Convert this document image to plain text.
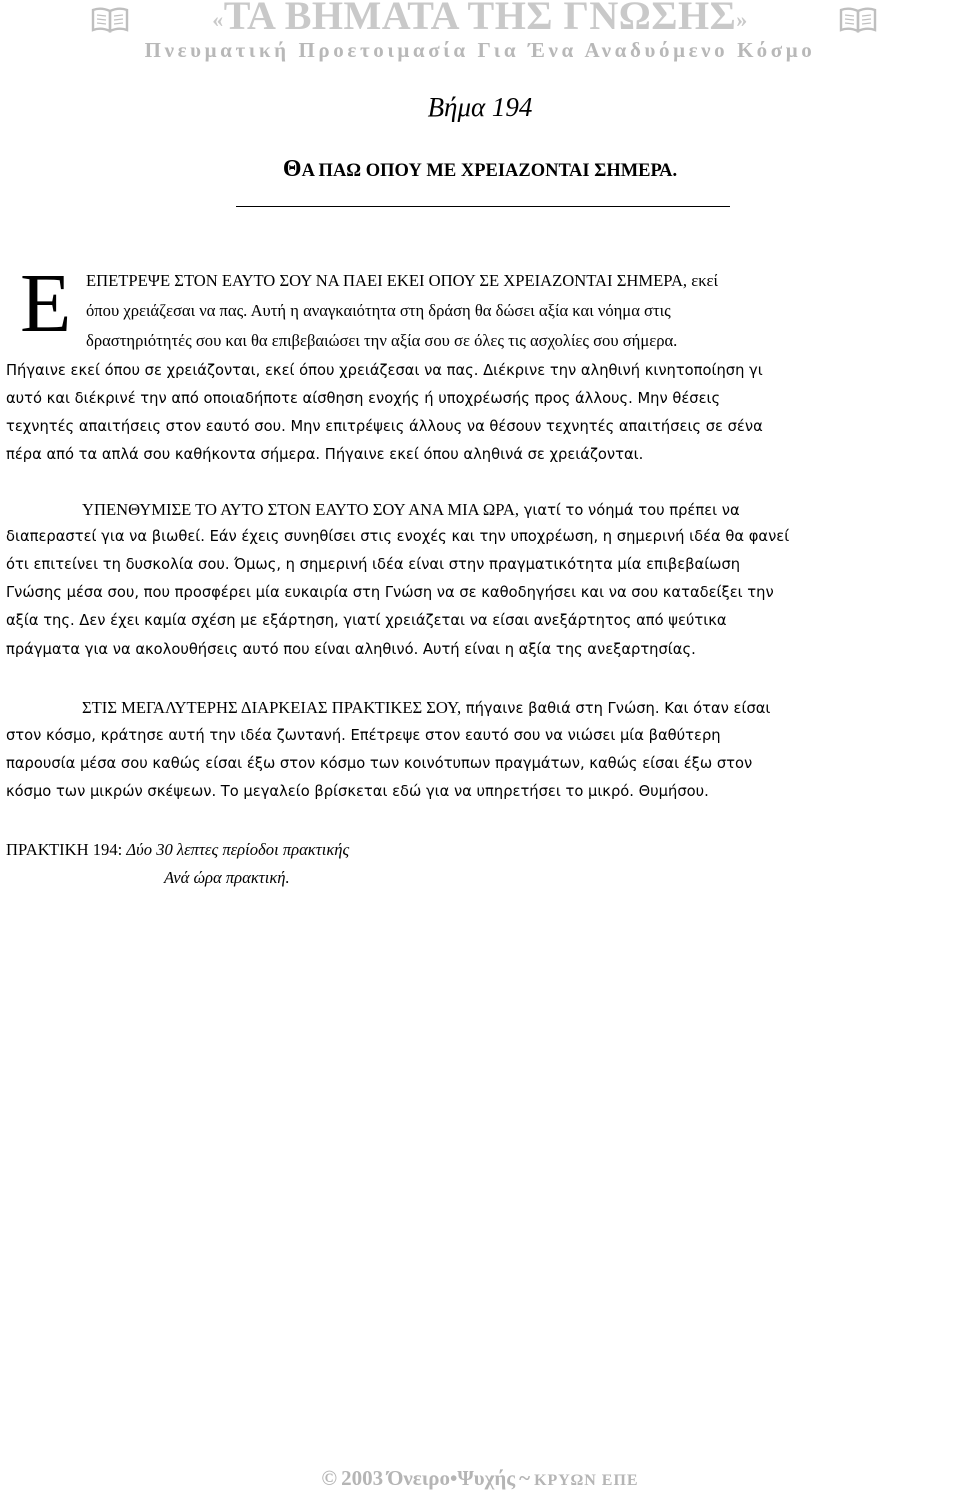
«ΤΑ ΒΗΜΑΤΑ ΤΗΣ ΓΝΩΣΗΣ»
Πνευματική Προετοιμασία Για Ένα Αναδυόμενο Κόσμο
Βήμα 194
ΘΑ ΠΑΩ ΟΠΟΥ ΜΕ ΧΡΕΙΑΖΟΝΤΑΙ ΣΗΜΕΡΑ.
Ε ΕΠΕΤΡΕΨΕ ΣΤΟΝ ΕΑΥΤΟ ΣΟΥ ΝΑ ΠΑΕΙ ΕΚΕΙ ΟΠΟΥ ΣΕ ΧΡΕΙΑΖΟΝΤΑΙ ΣΗΜΕΡΑ, εκεί
όπου χρειάζεσαι να πας. Αυτή η αναγκαιότητα στη δράση θα δώσει αξία και νόημα στις
δραστηριότητές σου και θα επιβεβαιώσει την αξία σου σε όλες τις ασχολίες σου σήμερα.
Πήγαινε εκεί όπου σε χρειάζονται, εκεί όπου χρειάζεσαι να πας. Διέκρινε την αληθινή κινητοποίηση γι
αυτό και διέκρινέ την από οποιαδήποτε αίσθηση ενοχής ή υποχρέωσής προς άλλους. Μην θέσεις
τεχνητές απαιτήσεις στον εαυτό σου. Μην επιτρέψεις άλλους να θέσουν τεχνητές απαιτήσεις σε σένα
πέρα από τα απλά σου καθήκοντα σήμερα. Πήγαινε εκεί όπου αληθινά σε χρειάζονται.
ΥΠΕΝΘΥΜΙΣΕ ΤΟ ΑΥΤΟ ΣΤΟΝ ΕΑΥΤΟ ΣΟΥ ΑΝΑ ΜΙΑ ΩΡΑ, γιατί το νόημά του πρέπει να
διαπεραστεί για να βιωθεί. Εάν έχεις συνηθίσει στις ενοχές και την υποχρέωση, η σημερινή ιδέα θα φανεί
ότι επιτείνει τη δυσκολία σου. Όμως, η σημερινή ιδέα είναι στην πραγματικότητα μία επιβεβαίωση
Γνώσης μέσα σου, που προσφέρει μία ευκαιρία στη Γνώση να σε καθοδηγήσει και να σου καταδείξει την
αξία της. Δεν έχει καμία σχέση με εξάρτηση, γιατί χρειάζεται να είσαι ανεξάρτητος από ψεύτικα
πράγματα για να ακολουθήσεις αυτό που είναι αληθινό. Αυτή είναι η αξία της ανεξαρτησίας.
ΣΤΙΣ ΜΕΓΑΛΥΤΕΡΗΣ ΔΙΑΡΚΕΙΑΣ ΠΡΑΚΤΙΚΕΣ ΣΟΥ, πήγαινε βαθιά στη Γνώση. Και όταν είσαι
στον κόσμο, κράτησε αυτή την ιδέα ζωντανή. Επέτρεψε στον εαυτό σου να νιώσει μία βαθύτερη
παρουσία μέσα σου καθώς είσαι έξω στον κόσμο των κοινότυπων πραγμάτων, καθώς είσαι έξω στον
κόσμο των μικρών σκέψεων. Το μεγαλείο βρίσκεται εδώ για να υπηρετήσει το μικρό. Θυμήσου.
ΠΡΑΚΤΙΚΗ 194: Δύο 30 λεπτες περίοδοι πρακτικής
Ανά ώρα πρακτική.
© 2003 Όνειρο•Ψυχής ~ ΚΡΥΩΝ ΕΠΕ
